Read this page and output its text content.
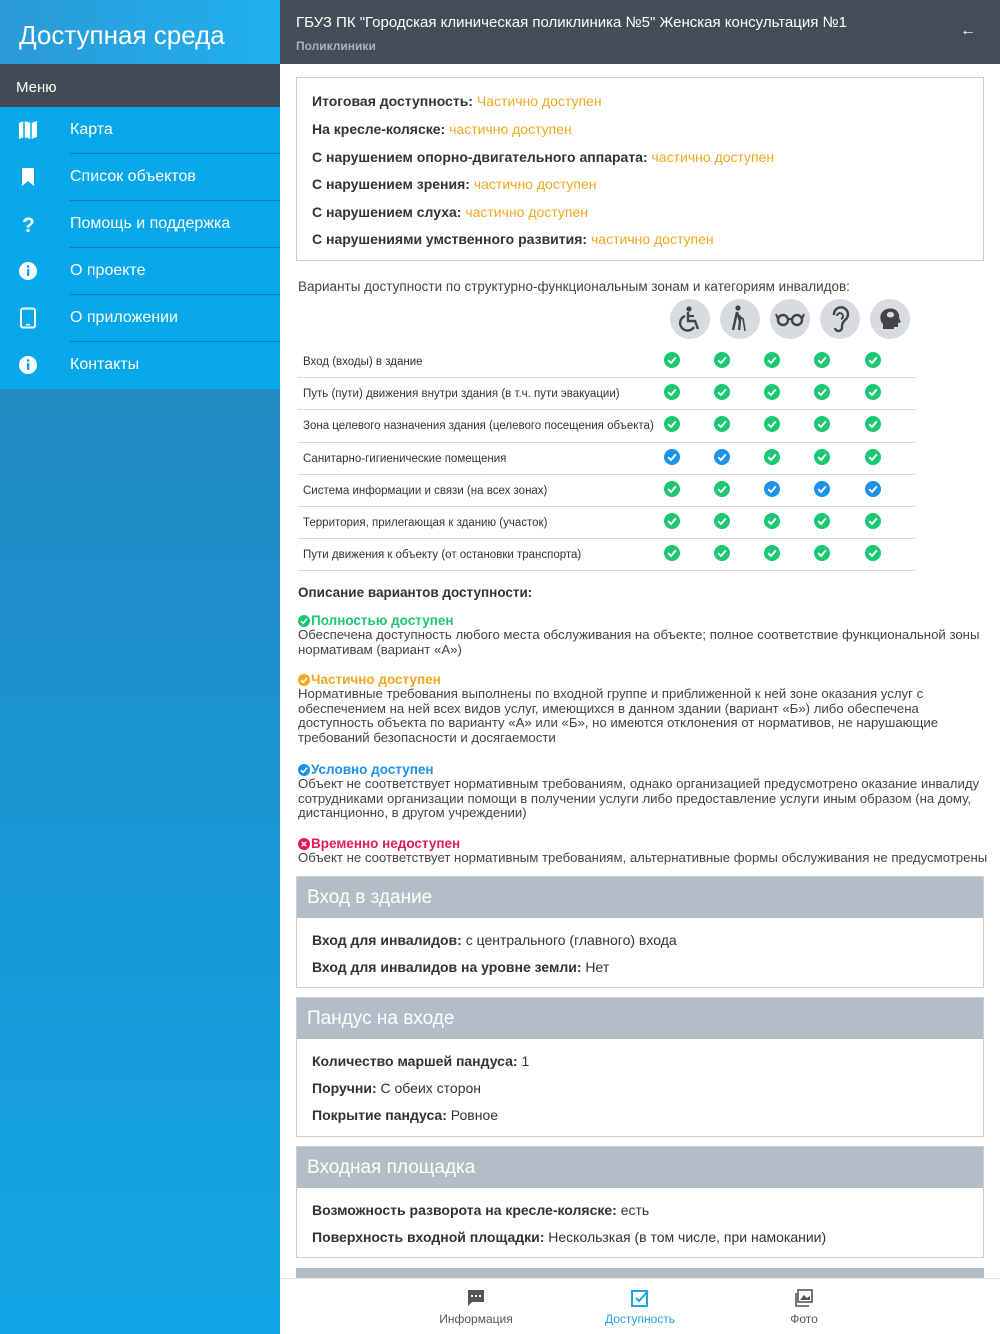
Доступная среда
Меню
Карта
Список объектов
? Помощь и поддержка
О проекте
О приложении
Контакты
ГБУЗ ПК "Городская клиническая поликлиника №5" Женская консультация №1
Поликлиники
←
Итоговая доступность: Частично доступен
На кресле-коляске: частично доступен
С нарушением опорно-двигательного аппарата: частично доступен
С нарушением зрения: частично доступен
С нарушением слуха: частично доступен
С нарушениями умственного развития: частично доступен
Варианты доступности по структурно-функциональным зонам и категориям инвалидов:
Вход (входы) в здание
Путь (пути) движения внутри здания (в т.ч. пути эвакуации)
Зона целевого назначения здания (целевого посещения объекта)
Санитарно-гигиенические помещения
Система информации и связи (на всех зонах)
Территория, прилегающая к зданию (участок)
Пути движения к объекту (от остановки транспорта)
Описание вариантов доступности:
Полностью доступен
Обеспечена доступность любого места обслуживания на объекте; полное соответствие функциональной зоны
нормативам (вариант «А»)
Частично доступен
Нормативные требования выполнены по входной группе и приближенной к ней зоне оказания услуг с
обеспечением на ней всех видов услуг, имеющихся в данном здании (вариант «Б») либо обеспечена
доступность объекта по варианту «А» или «Б», но имеются отклонения от нормативов, не нарушающие
требований безопасности и досягаемости
Условно доступен
Объект не соответствует нормативным требованиям, однако организацией предусмотрено оказание инвалиду
сотрудниками организации помощи в получении услуги либо предоставление услуги иным образом (на дому,
дистанционно, в другом учреждении)
Временно недоступен
Объект не соответствует нормативным требованиям, альтернативные формы обслуживания не предусмотрены
Вход в здание
Вход для инвалидов: с центрального (главного) входа
Вход для инвалидов на уровне земли: Нет
Пандус на входе
Количество маршей пандуса: 1
Поручни: С обеих сторон
Покрытие пандуса: Ровное
Входная площадка
Возможность разворота на кресле-коляске: есть
Поверхность входной площадки: Нескользкая (в том числе, при намокании)
Информация	Доступность	Фото
